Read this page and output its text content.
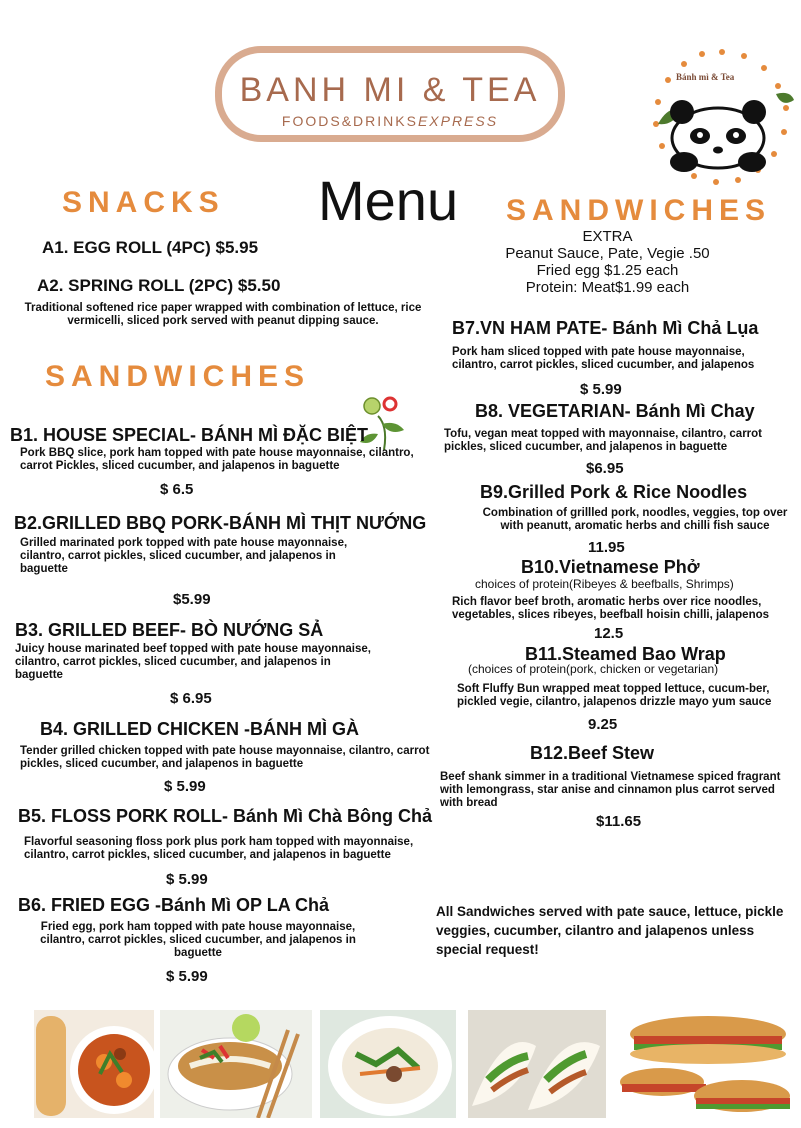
BANH MI & TEA
FOODS&DRINKSEXPRESS
Bánh mì & Tea
SNACKS Menu SANDWICHES
A1. EGG ROLL (4PC) $5.95
A2. SPRING ROLL (2PC) $5.50
Traditional softened rice paper wrapped with combination of lettuce, rice vermicelli, sliced pork served with peanut dipping sauce.
SANDWICHES
B1. HOUSE SPECIAL- BÁNH MÌ ĐẶC BIỆT
Pork BBQ slice, pork ham topped with pate house mayonnaise, cilantro, carrot Pickles, sliced cucumber, and jalapenos in baguette
$ 6.5
B2.GRILLED BBQ PORK-BÁNH MÌ THỊT NƯỚNG
Grilled marinated pork topped with pate house mayonnaise, cilantro, carrot pickles, sliced cucumber, and jalapenos in baguette
$5.99
B3. GRILLED BEEF- BÒ NƯỚNG SẢ
Juicy house marinated beef topped with pate house mayonnaise, cilantro, carrot pickles, sliced cucumber, and jalapenos in baguette
$ 6.95
B4. GRILLED CHICKEN -BÁNH MÌ GÀ
Tender grilled chicken topped with pate house mayonnaise, cilantro, carrot pickles, sliced cucumber, and jalapenos in baguette
$ 5.99
B5. FLOSS PORK ROLL- Bánh Mì Chà Bông Chả
Flavorful seasoning floss pork plus pork ham topped with mayonnaise, cilantro, carrot pickles, sliced cucumber, and jalapenos in baguette
$ 5.99
B6. FRIED EGG -Bánh Mì OP LA Chả
Fried egg, pork ham topped with pate house mayonnaise, cilantro, carrot pickles, sliced cucumber, and jalapenos in baguette
$ 5.99
EXTRA
Peanut Sauce, Pate, Vegie .50
Fried egg $1.25 each
Protein: Meat$1.99 each
B7.VN HAM PATE- Bánh Mì Chả Lụa
Pork ham sliced topped with pate house mayonnaise, cilantro, carrot pickles, sliced cucumber, and jalapenos
$ 5.99
B8. VEGETARIAN- Bánh Mì Chay
Tofu, vegan meat topped with mayonnaise, cilantro, carrot pickles, sliced cucumber, and jalapenos in baguette
$6.95
B9.Grilled Pork & Rice Noodles
Combination of grillled pork, noodles, veggies, top over with peanutt, aromatic herbs and chilli fish sauce
11.95
B10.Vietnamese Phở
choices of protein(Ribeyes & beefballs, Shrimps)
Rich flavor beef broth, aromatic herbs over rice noodles, vegetables, slices ribeyes, beefball hoisin chilli, jalapenos
12.5
B11.Steamed Bao Wrap
(choices of protein(pork, chicken or vegetarian)
Soft Fluffy Bun wrapped meat topped lettuce, cucum-ber, pickled vegie, cilantro, jalapenos drizzle mayo yum sauce
9.25
B12.Beef Stew
Beef shank simmer in a traditional Vietnamese spiced fragrant with lemongrass, star anise and cinnamon plus carrot served with bread
$11.65
All Sandwiches served with pate sauce, lettuce, pickle veggies, cucumber, cilantro and jalapenos unless special request!
